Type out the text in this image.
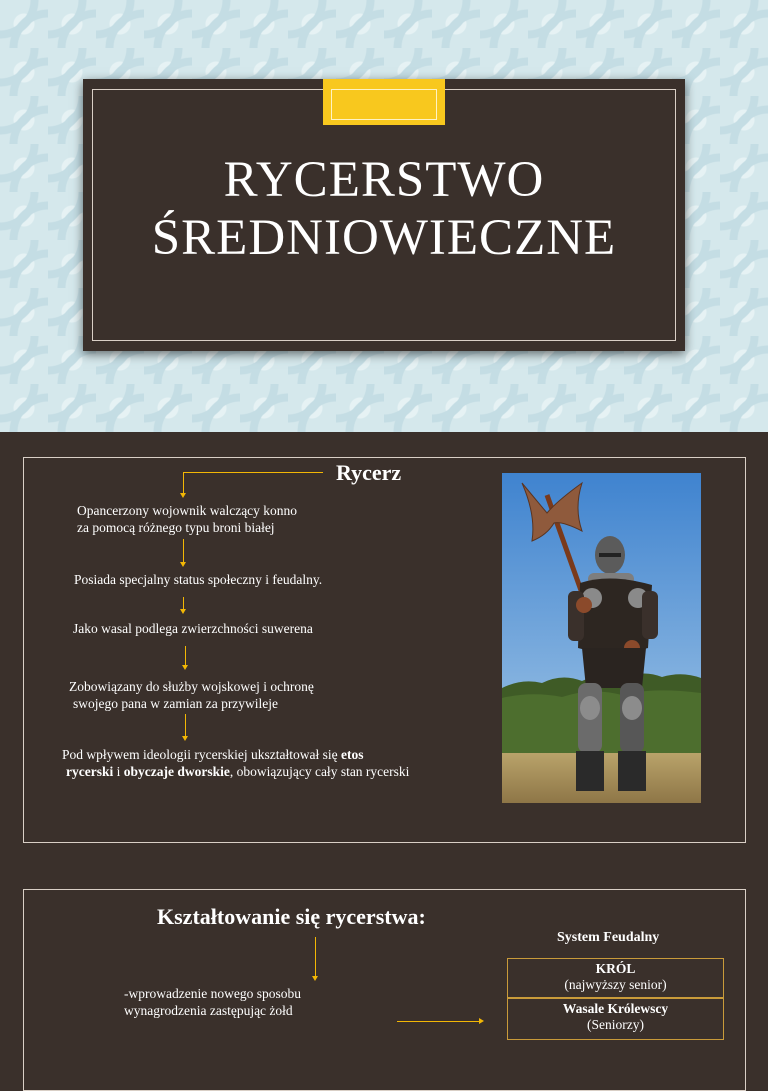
RYCERSTWO
ŚREDNIOWIECZNE
Rycerz
Opancerzony wojownik walczący konno
za pomocą różnego typu broni białej
Posiada specjalny status społeczny i feudalny.
Jako wasal podlega zwierzchności suwerena
Zobowiązany do służby wojskowej i ochronę
swojego pana w zamian za przywileje
Pod wpływem ideologii rycerskiej ukształtował się etos
rycerski i obyczaje dworskie, obowiązujący cały stan rycerski
Kształtowanie się rycerstwa:
System Feudalny
-wprowadzenie nowego sposobu
wynagrodzenia zastępując żołd
KRÓL
(najwyższy senior)
Wasale Królewscy
(Seniorzy)
